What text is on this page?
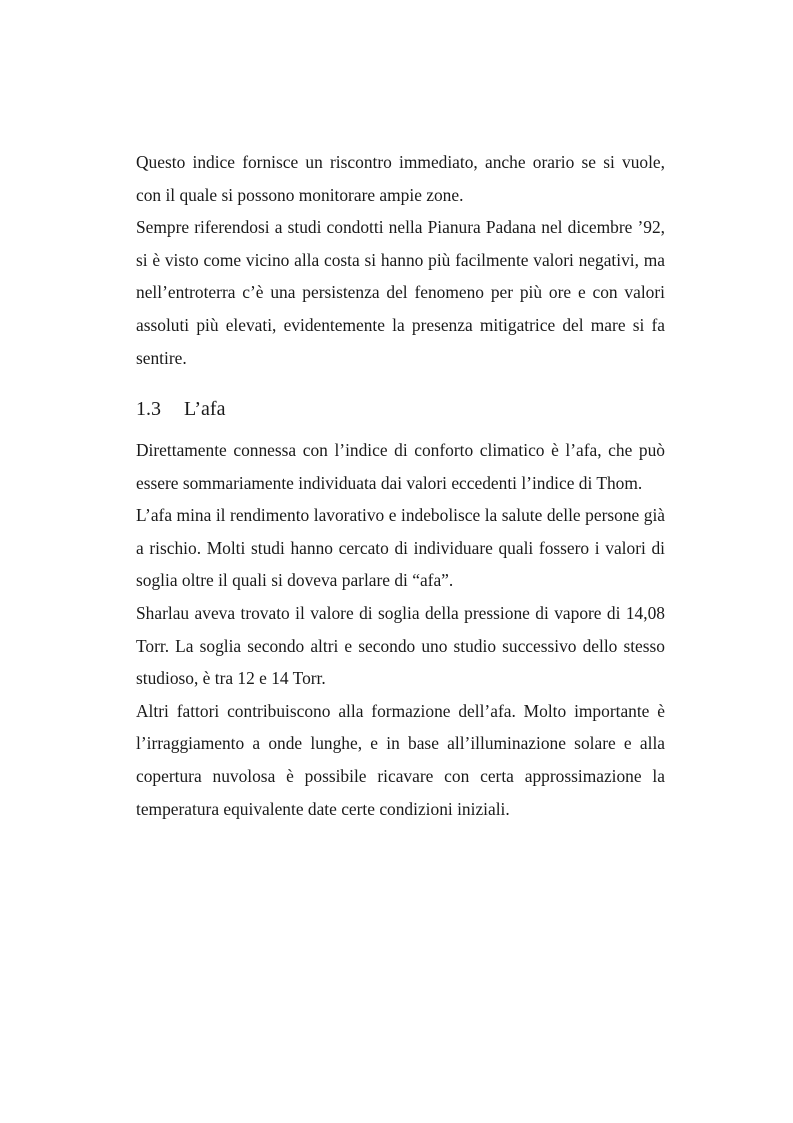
Questo indice fornisce un riscontro immediato, anche orario se si vuole, con il quale si possono monitorare ampie zone.

Sempre riferendosi a studi condotti nella Pianura Padana nel dicembre ’92, si è visto come vicino alla costa si hanno più facilmente valori negativi, ma nell’entroterra c’è una persistenza del fenomeno per più ore e con valori assoluti più elevati, evidentemente la presenza mitigatrice del mare si fa sentire.

1.3 L’afa

Direttamente connessa con l’indice di conforto climatico è l’afa, che può essere sommariamente individuata dai valori eccedenti l’indice di Thom.

L’afa mina il rendimento lavorativo e indebolisce la salute delle persone già a rischio. Molti studi hanno cercato di individuare quali fossero i valori di soglia oltre il quali si doveva parlare di “afa”.

Sharlau aveva trovato il valore di soglia della pressione di vapore di 14,08 Torr. La soglia secondo altri e secondo uno studio successivo dello stesso studioso, è tra 12 e 14 Torr.

Altri fattori contribuiscono alla formazione dell’afa. Molto importante è l’irraggiamento a onde lunghe, e in base all’illuminazione solare e alla copertura nuvolosa è possibile ricavare con certa approssimazione la temperatura equivalente date certe condizioni iniziali.
